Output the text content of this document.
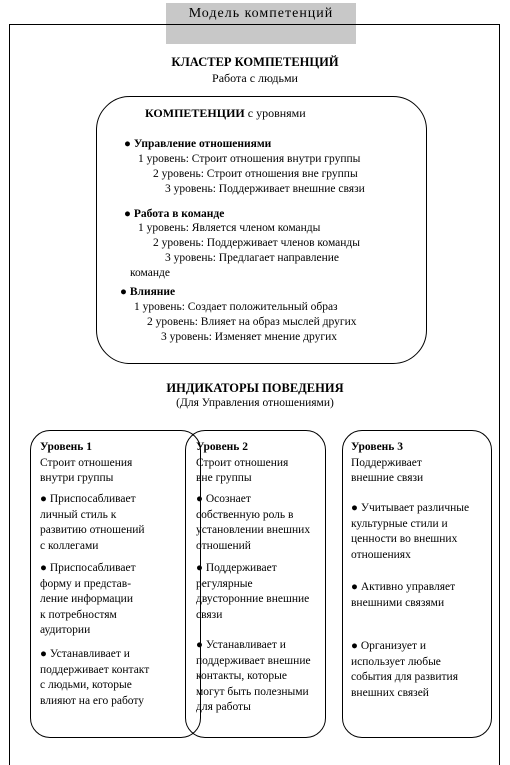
Модель компетенций
КЛАСТЕР КОМПЕТЕНЦИЙ
Работа с людьми
КОМПЕТЕНЦИИ с уровнями
● Управление отношениями
1 уровень: Строит отношения внутри группы
2 уровень: Строит отношения вне группы
3 уровень: Поддерживает внешние связи
● Работа в команде
1 уровень: Является членом команды
2 уровень: Поддерживает членов команды
3 уровень: Предлагает направление
команде
● Влияние
1 уровень: Создает положительный образ
2 уровень: Влияет на образ мыслей других
3 уровень: Изменяет мнение других
ИНДИКАТОРЫ ПОВЕДЕНИЯ
(Для Управления отношениями)
Уровень 1
Строит отношения
внутри группы
● Приспосабливает
личный стиль к
развитию отношений
с коллегами
● Приспосабливает
форму и представ-
ление информации
к потребностям
аудитории
● Устанавливает и
поддерживает контакт
с людьми, которые
влияют на его работу
Уровень 2
Строит отношения
вне группы
● Осознает
собственную роль в
установлении внешних
отношений
● Поддерживает
регулярные
двусторонние внешние
связи
● Устанавливает и
поддерживает внешние
контакты, которые
могут быть полезными
для работы
Уровень 3
Поддерживает
внешние связи
● Учитывает различные
культурные стили и
ценности во внешних
отношениях
● Активно управляет
внешними связями
● Организует и
использует любые
события для развития
внешних связей
